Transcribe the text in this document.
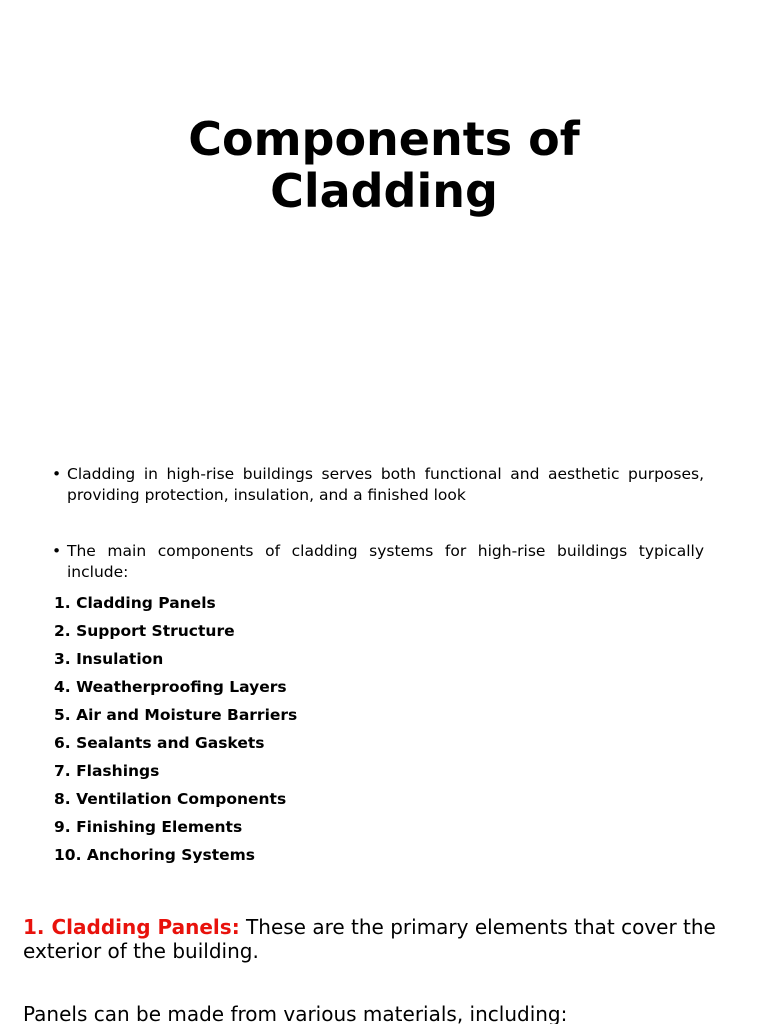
Components of
Cladding
• Cladding in high-rise buildings serves both functional and aesthetic purposes, providing protection, insulation, and a finished look
• The main components of cladding systems for high-rise buildings typically include:
1. Cladding Panels
2. Support Structure
3. Insulation
4. Weatherproofing Layers
5. Air and Moisture Barriers
6. Sealants and Gaskets
7. Flashings
8. Ventilation Components
9. Finishing Elements
10. Anchoring Systems

1. Cladding Panels: These are the primary elements that cover the exterior of the building.

Panels can be made from various materials, including:
